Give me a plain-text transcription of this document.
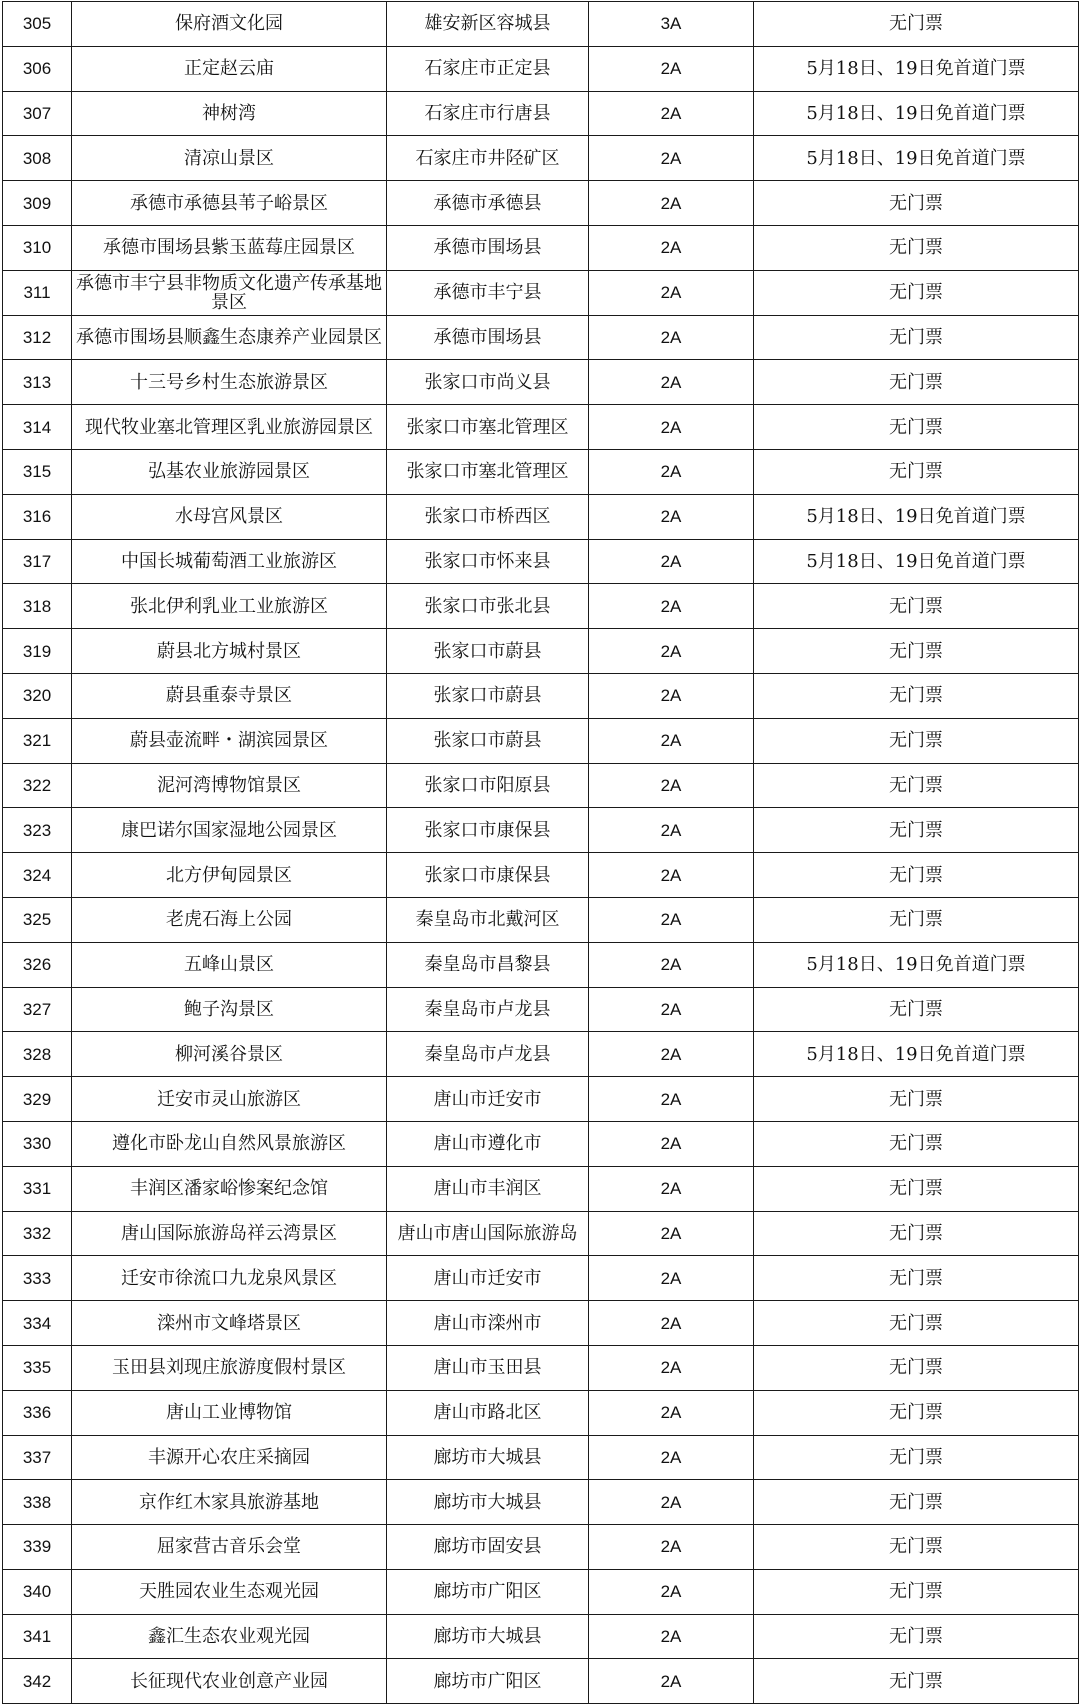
305	保府酒文化园	雄安新区容城县	3A	无门票
306	正定赵云庙	石家庄市正定县	2A	5月18日、19日免首道门票
307	神树湾	石家庄市行唐县	2A	5月18日、19日免首道门票
308	清凉山景区	石家庄市井陉矿区	2A	5月18日、19日免首道门票
309	承德市承德县苇子峪景区	承德市承德县	2A	无门票
310	承德市围场县紫玉蓝莓庄园景区	承德市围场县	2A	无门票
311	承德市丰宁县非物质文化遗产传承基地景区	承德市丰宁县	2A	无门票
312	承德市围场县顺鑫生态康养产业园景区	承德市围场县	2A	无门票
313	十三号乡村生态旅游景区	张家口市尚义县	2A	无门票
314	现代牧业塞北管理区乳业旅游园景区	张家口市塞北管理区	2A	无门票
315	弘基农业旅游园景区	张家口市塞北管理区	2A	无门票
316	水母宫风景区	张家口市桥西区	2A	5月18日、19日免首道门票
317	中国长城葡萄酒工业旅游区	张家口市怀来县	2A	5月18日、19日免首道门票
318	张北伊利乳业工业旅游区	张家口市张北县	2A	无门票
319	蔚县北方城村景区	张家口市蔚县	2A	无门票
320	蔚县重泰寺景区	张家口市蔚县	2A	无门票
321	蔚县壶流畔・湖滨园景区	张家口市蔚县	2A	无门票
322	泥河湾博物馆景区	张家口市阳原县	2A	无门票
323	康巴诺尔国家湿地公园景区	张家口市康保县	2A	无门票
324	北方伊甸园景区	张家口市康保县	2A	无门票
325	老虎石海上公园	秦皇岛市北戴河区	2A	无门票
326	五峰山景区	秦皇岛市昌黎县	2A	5月18日、19日免首道门票
327	鲍子沟景区	秦皇岛市卢龙县	2A	无门票
328	柳河溪谷景区	秦皇岛市卢龙县	2A	5月18日、19日免首道门票
329	迁安市灵山旅游区	唐山市迁安市	2A	无门票
330	遵化市卧龙山自然风景旅游区	唐山市遵化市	2A	无门票
331	丰润区潘家峪惨案纪念馆	唐山市丰润区	2A	无门票
332	唐山国际旅游岛祥云湾景区	唐山市唐山国际旅游岛	2A	无门票
333	迁安市徐流口九龙泉风景区	唐山市迁安市	2A	无门票
334	滦州市文峰塔景区	唐山市滦州市	2A	无门票
335	玉田县刘现庄旅游度假村景区	唐山市玉田县	2A	无门票
336	唐山工业博物馆	唐山市路北区	2A	无门票
337	丰源开心农庄采摘园	廊坊市大城县	2A	无门票
338	京作红木家具旅游基地	廊坊市大城县	2A	无门票
339	屈家营古音乐会堂	廊坊市固安县	2A	无门票
340	天胜园农业生态观光园	廊坊市广阳区	2A	无门票
341	鑫汇生态农业观光园	廊坊市大城县	2A	无门票
342	长征现代农业创意产业园	廊坊市广阳区	2A	无门票
